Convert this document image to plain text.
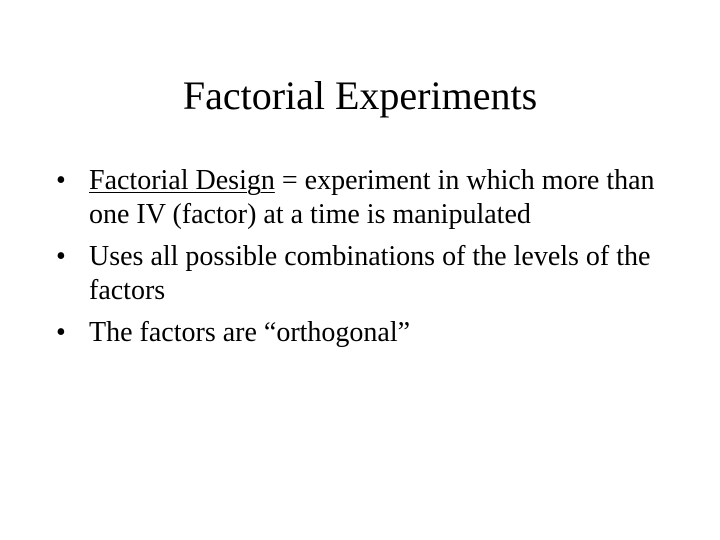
Factorial Experiments
• Factorial Design = experiment in which more than one IV (factor) at a time is manipulated
• Uses all possible combinations of the levels of the factors
• The factors are “orthogonal”
